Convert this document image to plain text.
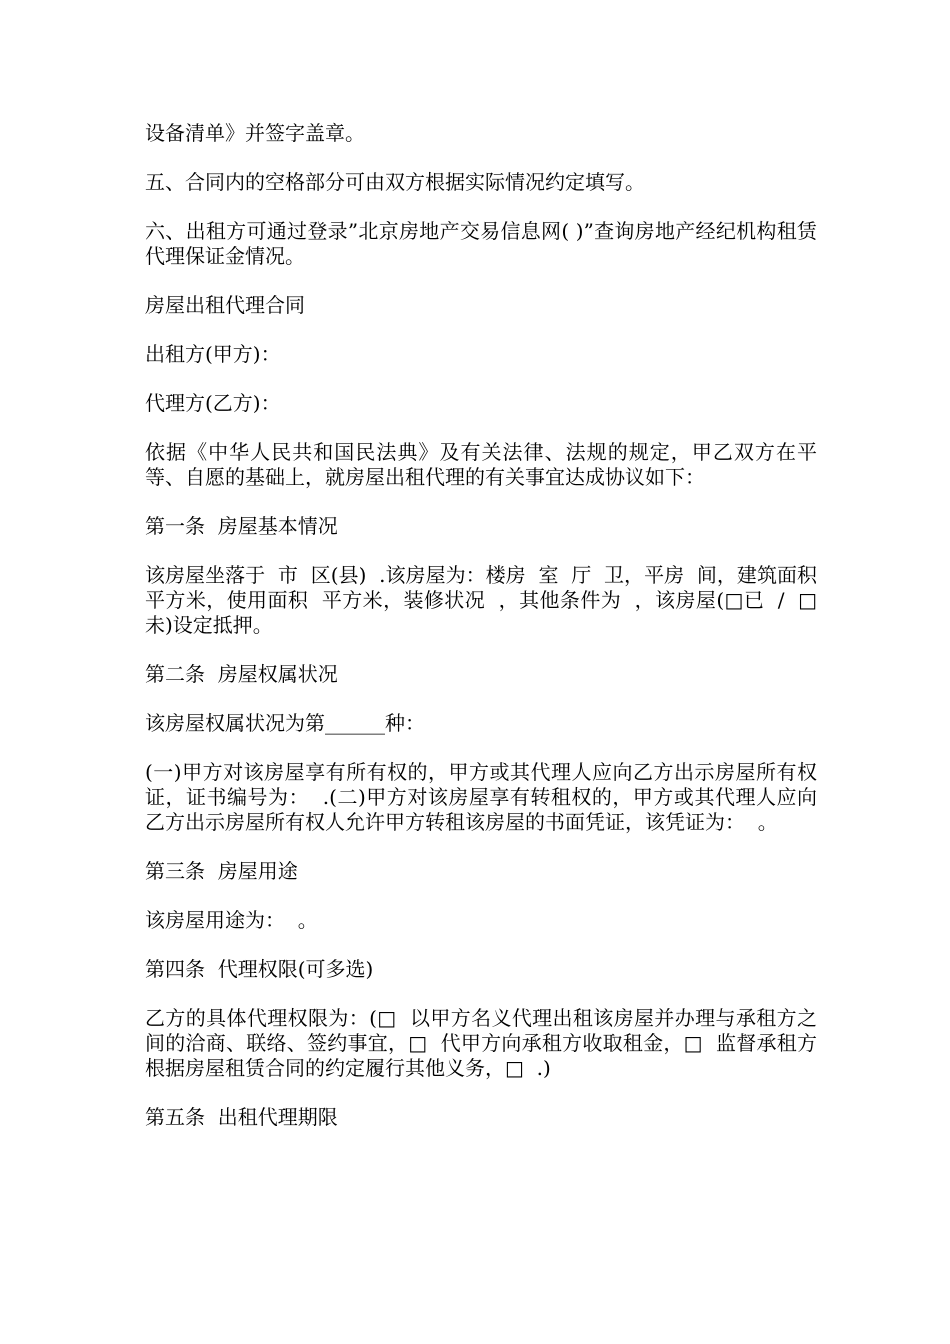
设备清单》并签字盖章。

五、合同内的空格部分可由双方根据实际情况约定填写。

六、出租方可通过登录”北京房地产交易信息网( )”查询房地产经纪机构租赁代理保证金情况。

房屋出租代理合同

出租方(甲方)：

代理方(乙方)：

依据《中华人民共和国民法典》及有关法律、法规的规定，甲乙双方在平等、自愿的基础上，就房屋出租代理的有关事宜达成协议如下：

第一条  房屋基本情况

该房屋坐落于  市  区(县)  .该房屋为：楼房  室  厅  卫，平房  间，建筑面积  平方米，使用面积  平方米，装修状况  ，其他条件为  ，该房屋(□已  /  □未)设定抵押。

第二条  房屋权属状况

该房屋权属状况为第______种：

(一)甲方对该房屋享有所有权的，甲方或其代理人应向乙方出示房屋所有权证，证书编号为：  .(二)甲方对该房屋享有转租权的，甲方或其代理人应向乙方出示房屋所有权人允许甲方转租该房屋的书面凭证，该凭证为：  。

第三条  房屋用途

该房屋用途为：  。

第四条  代理权限(可多选)

乙方的具体代理权限为：(□  以甲方名义代理出租该房屋并办理与承租方之间的洽商、联络、签约事宜，□  代甲方向承租方收取租金，□  监督承租方根据房屋租赁合同的约定履行其他义务，□  .)

第五条  出租代理期限
